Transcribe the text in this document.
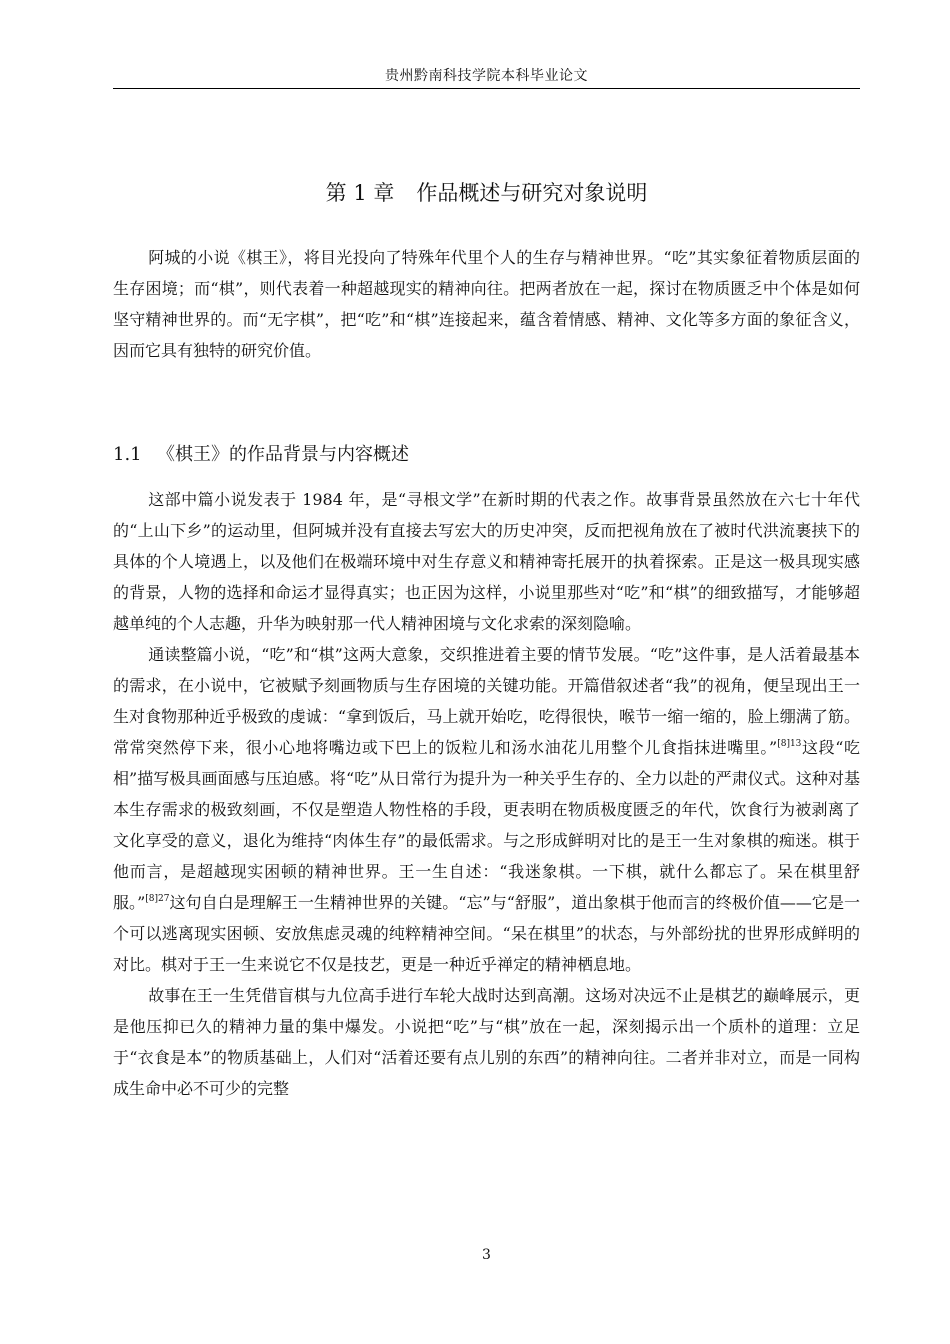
贵州黔南科技学院本科毕业论文
第 1 章 作品概述与研究对象说明

阿城的小说《棋王》，将目光投向了特殊年代里个人的生存与精神世界。“吃”其实象征着物质层面的生存困境；而“棋”，则代表着一种超越现实的精神向往。把两者放在一起，探讨在物质匮乏中个体是如何坚守精神世界的。而“无字棋”，把“吃”和“棋”连接起来，蕴含着情感、精神、文化等多方面的象征含义，因而它具有独特的研究价值。

1.1 《棋王》的作品背景与内容概述

这部中篇小说发表于 1984 年，是“寻根文学”在新时期的代表之作。故事背景虽然放在六七十年代的“上山下乡”的运动里，但阿城并没有直接去写宏大的历史冲突，反而把视角放在了被时代洪流裹挟下的具体的个人境遇上，以及他们在极端环境中对生存意义和精神寄托展开的执着探索。正是这一极具现实感的背景，人物的选择和命运才显得真实；也正因为这样，小说里那些对“吃”和“棋”的细致描写，才能够超越单纯的个人志趣，升华为映射那一代人精神困境与文化求索的深刻隐喻。

通读整篇小说，“吃”和“棋”这两大意象，交织推进着主要的情节发展。“吃”这件事，是人活着最基本的需求，在小说中，它被赋予刻画物质与生存困境的关键功能。开篇借叙述者“我”的视角，便呈现出王一生对食物那种近乎极致的虔诚：“拿到饭后，马上就开始吃，吃得很快，喉节一缩一缩的，脸上绷满了筋。常常突然停下来，很小心地将嘴边或下巴上的饭粒儿和汤水油花儿用整个儿食指抹进嘴里。”$^{[8]13}$这段“吃相”描写极具画面感与压迫感。将“吃”从日常行为提升为一种关乎生存的、全力以赴的严肃仪式。这种对基本生存需求的极致刻画，不仅是塑造人物性格的手段，更表明在物质极度匮乏的年代，饮食行为被剥离了文化享受的意义，退化为维持“肉体生存”的最低需求。与之形成鲜明对比的是王一生对象棋的痴迷。棋于他而言，是超越现实困顿的精神世界。王一生自述：“我迷象棋。一下棋，就什么都忘了。呆在棋里舒服。”$^{[8]27}$这句自白是理解王一生精神世界的关键。“忘”与“舒服”，道出象棋于他而言的终极价值——它是一个可以逃离现实困顿、安放焦虑灵魂的纯粹精神空间。“呆在棋里”的状态，与外部纷扰的世界形成鲜明的对比。棋对于王一生来说它不仅是技艺，更是一种近乎禅定的精神栖息地。

故事在王一生凭借盲棋与九位高手进行车轮大战时达到高潮。这场对决远不止是棋艺的巅峰展示，更是他压抑已久的精神力量的集中爆发。小说把“吃”与“棋”放在一起，深刻揭示出一个质朴的道理：立足于“衣食是本”的物质基础上，人们对“活着还要有点儿别的东西”的精神向往。二者并非对立，而是一同构成生命中必不可少的完整

3
